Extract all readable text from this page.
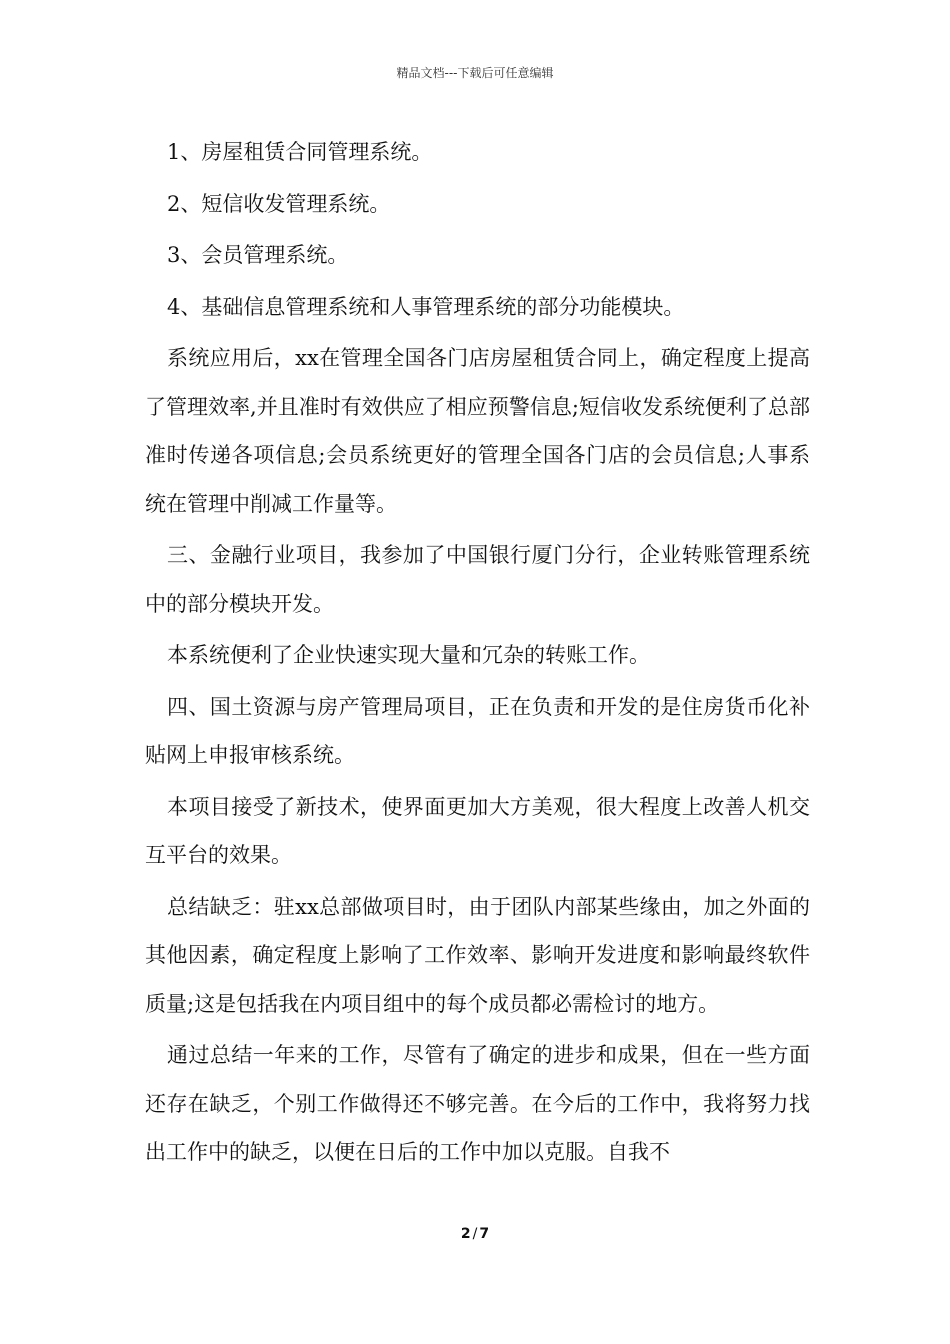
精品文档---下载后可任意编辑

1、房屋租赁合同管理系统。

2、短信收发管理系统。

3、会员管理系统。

4、基础信息管理系统和人事管理系统的部分功能模块。

系统应用后，xx在管理全国各门店房屋租赁合同上，确定程度上提高了管理效率,并且准时有效供应了相应预警信息;短信收发系统便利了总部准时传递各项信息;会员系统更好的管理全国各门店的会员信息;人事系统在管理中削减工作量等。

三、金融行业项目，我参加了中国银行厦门分行，企业转账管理系统中的部分模块开发。

本系统便利了企业快速实现大量和冗杂的转账工作。

四、国土资源与房产管理局项目，正在负责和开发的是住房货币化补贴网上申报审核系统。

本项目接受了新技术，使界面更加大方美观，很大程度上改善人机交互平台的效果。

总结缺乏：驻xx总部做项目时，由于团队内部某些缘由，加之外面的其他因素，确定程度上影响了工作效率、影响开发进度和影响最终软件质量;这是包括我在内项目组中的每个成员都必需检讨的地方。

通过总结一年来的工作，尽管有了确定的进步和成果，但在一些方面还存在缺乏，个别工作做得还不够完善。在今后的工作中，我将努力找出工作中的缺乏，以便在日后的工作中加以克服。自我不

2 / 7
